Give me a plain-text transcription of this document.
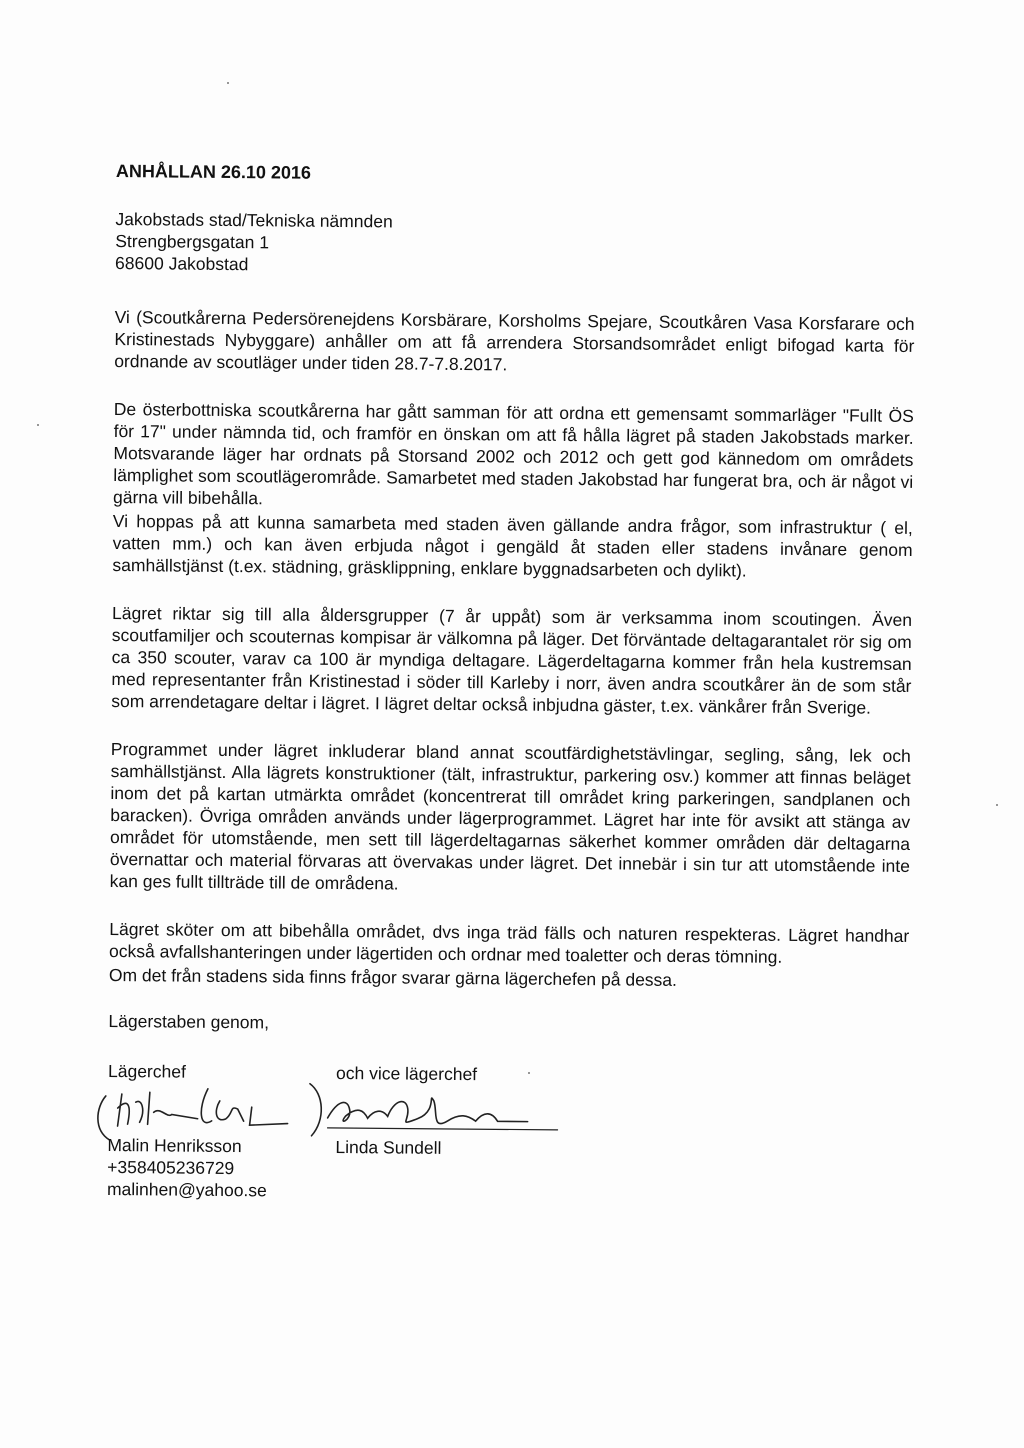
ANHÅLLAN 26.10 2016
Jakobstads stad/Tekniska nämnden
Strengbergsgatan 1
68600 Jakobstad

Vi (Scoutkårerna Pedersörenejdens Korsbärare, Korsholms Spejare, Scoutkåren Vasa Korsfarare och Kristinestads Nybyggare) anhåller om att få arrendera Storsandsområdet enligt bifogad karta för ordnande av scoutläger under tiden 28.7-7.8.2017.

De österbottniska scoutkårerna har gått samman för att ordna ett gemensamt sommarläger "Fullt ÖS för 17" under nämnda tid, och framför en önskan om att få hålla lägret på staden Jakobstads marker. Motsvarande läger har ordnats på Storsand 2002 och 2012 och gett god kännedom om områdets lämplighet som scoutlägerområde. Samarbetet med staden Jakobstad har fungerat bra, och är något vi gärna vill bibehålla.

Vi hoppas på att kunna samarbeta med staden även gällande andra frågor, som infrastruktur ( el, vatten mm.) och kan även erbjuda något i gengäld åt staden eller stadens invånare genom samhällstjänst (t.ex. städning, gräsklippning, enklare byggnadsarbeten och dylikt).

Lägret riktar sig till alla åldersgrupper (7 år uppåt) som är verksamma inom scoutingen. Även scoutfamiljer och scouternas kompisar är välkomna på läger. Det förväntade deltagarantalet rör sig om ca 350 scouter, varav ca 100 är myndiga deltagare. Lägerdeltagarna kommer från hela kustremsan med representanter från Kristinestad i söder till Karleby i norr, även andra scoutkårer än de som står som arrendetagare deltar i lägret. I lägret deltar också inbjudna gäster, t.ex. vänkårer från Sverige.

Programmet under lägret inkluderar bland annat scoutfärdighetstävlingar, segling, sång, lek och samhällstjänst. Alla lägrets konstruktioner (tält, infrastruktur, parkering osv.) kommer att finnas beläget inom det på kartan utmärkta området (koncentrerat till området kring parkeringen, sandplanen och baracken). Övriga områden används under lägerprogrammet. Lägret har inte för avsikt att stänga av området för utomstående, men sett till lägerdeltagarnas säkerhet kommer områden där deltagarna övernattar och material förvaras att övervakas under lägret. Det innebär i sin tur att utomstående inte kan ges fullt tillträde till de områdena.

Lägret sköter om att bibehålla området, dvs inga träd fälls och naturen respekteras. Lägret handhar också avfallshanteringen under lägertiden och ordnar med toaletter och deras tömning.

Om det från stadens sida finns frågor svarar gärna lägerchefen på dessa.

Lägerstaben genom,

Lägerchef	och vice lägerchef
Malin Henriksson	Linda Sundell
+358405236729
malinhen@yahoo.se
